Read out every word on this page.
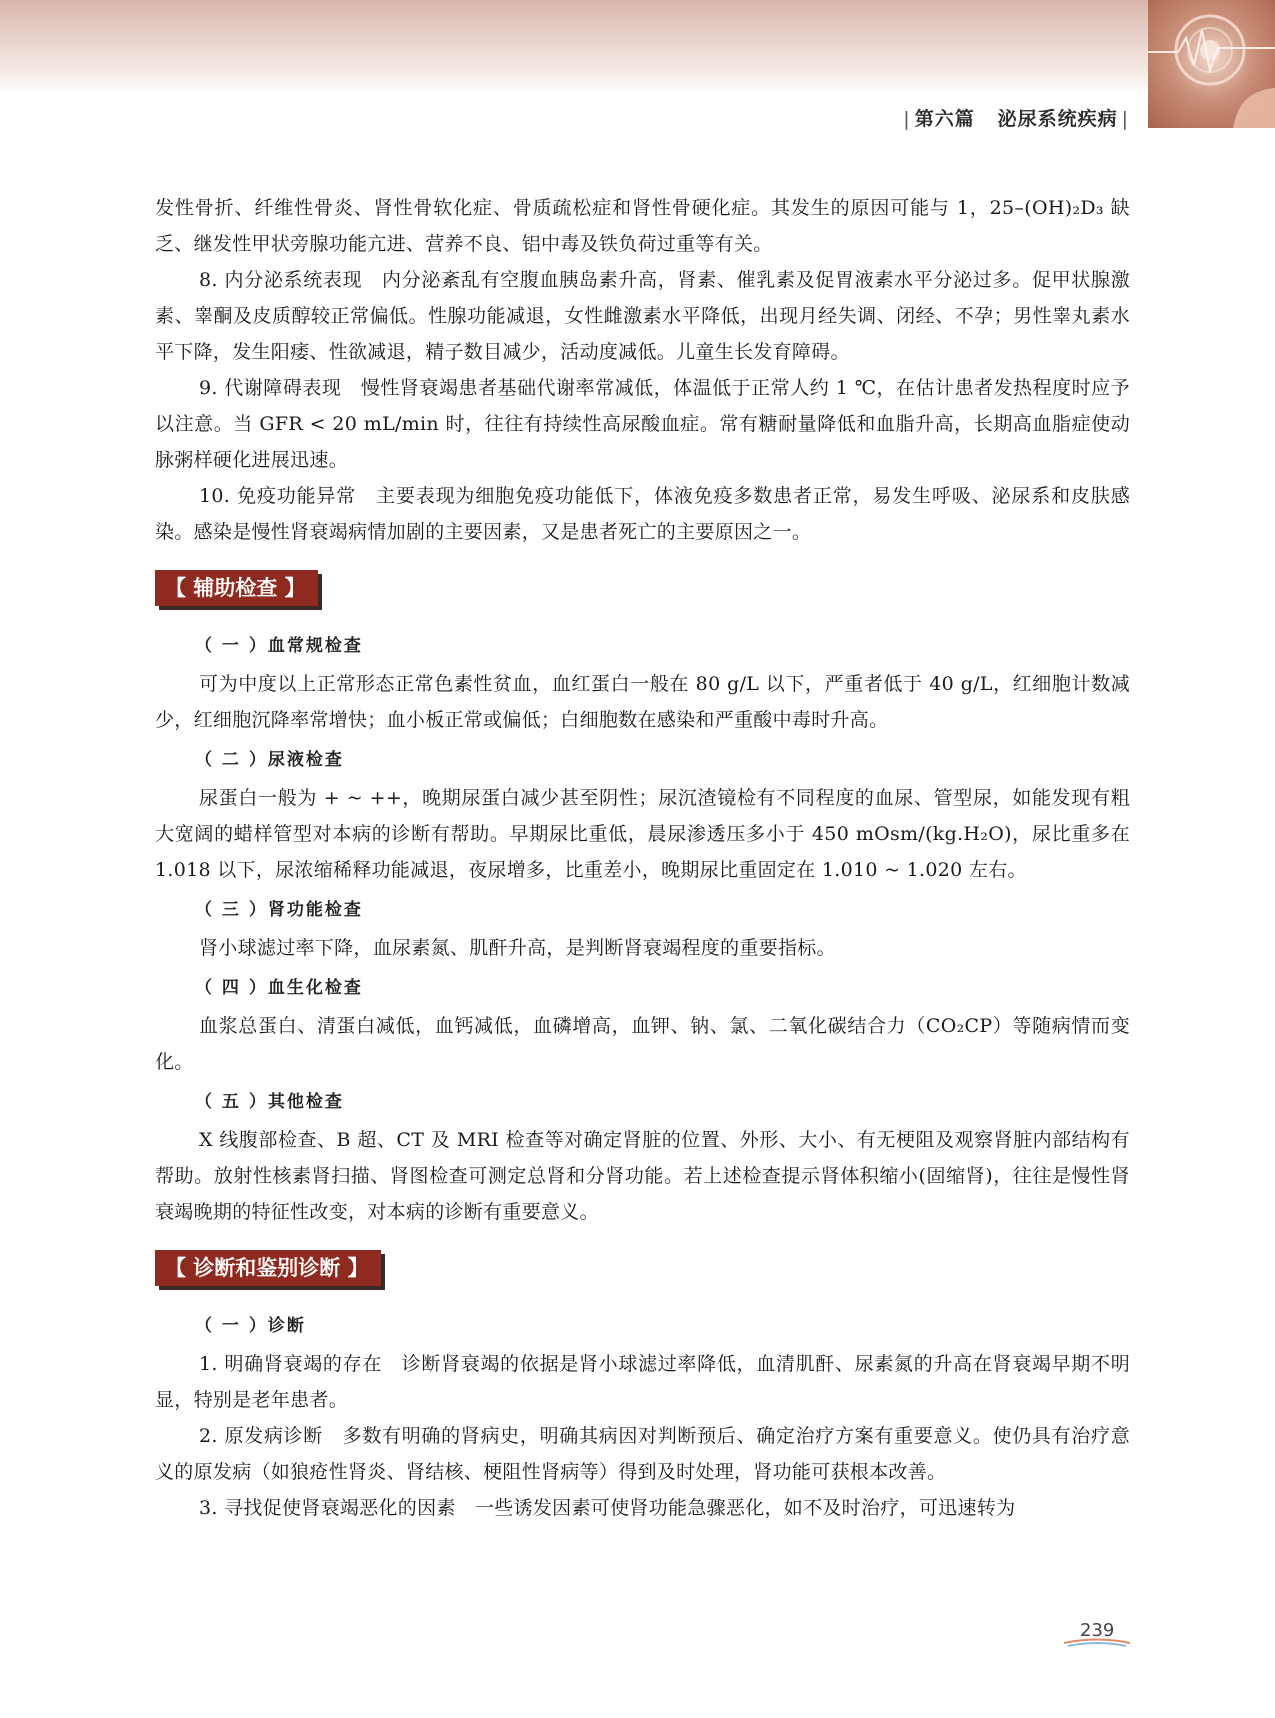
| 第六篇 泌尿系统疾病 |

发性骨折、纤维性骨炎、肾性骨软化症、骨质疏松症和肾性骨硬化症。其发生的原因可能与 1，25–(OH)₂D₃ 缺乏、继发性甲状旁腺功能亢进、营养不良、铝中毒及铁负荷过重等有关。

8. 内分泌系统表现　内分泌紊乱有空腹血胰岛素升高，肾素、催乳素及促胃液素水平分泌过多。促甲状腺激素、睾酮及皮质醇较正常偏低。性腺功能减退，女性雌激素水平降低，出现月经失调、闭经、不孕；男性睾丸素水平下降，发生阳痿、性欲减退，精子数目减少，活动度减低。儿童生长发育障碍。

9. 代谢障碍表现　慢性肾衰竭患者基础代谢率常减低，体温低于正常人约 1 ℃，在估计患者发热程度时应予以注意。当 GFR < 20 mL/min 时，往往有持续性高尿酸血症。常有糖耐量降低和血脂升高，长期高血脂症使动脉粥样硬化进展迅速。

10. 免疫功能异常　主要表现为细胞免疫功能低下，体液免疫多数患者正常，易发生呼吸、泌尿系和皮肤感染。感染是慢性肾衰竭病情加剧的主要因素，又是患者死亡的主要原因之一。

【 辅助检查 】
（ 一 ）血常规检查

可为中度以上正常形态正常色素性贫血，血红蛋白一般在 80 g/L 以下，严重者低于 40 g/L，红细胞计数减少，红细胞沉降率常增快；血小板正常或偏低；白细胞数在感染和严重酸中毒时升高。

（ 二 ）尿液检查

尿蛋白一般为 + ~ ++，晚期尿蛋白减少甚至阴性；尿沉渣镜检有不同程度的血尿、管型尿，如能发现有粗大宽阔的蜡样管型对本病的诊断有帮助。早期尿比重低，晨尿渗透压多小于 450 mOsm/(kg.H₂O)，尿比重多在 1.018 以下，尿浓缩稀释功能减退，夜尿增多，比重差小，晚期尿比重固定在 1.010 ~ 1.020 左右。

（ 三 ）肾功能检查

肾小球滤过率下降，血尿素氮、肌酐升高，是判断肾衰竭程度的重要指标。

（ 四 ）血生化检查

血浆总蛋白、清蛋白减低，血钙减低，血磷增高，血钾、钠、氯、二氧化碳结合力（CO₂CP）等随病情而变化。

（ 五 ）其他检查

X 线腹部检查、B 超、CT 及 MRI 检查等对确定肾脏的位置、外形、大小、有无梗阻及观察肾脏内部结构有帮助。放射性核素肾扫描、肾图检查可测定总肾和分肾功能。若上述检查提示肾体积缩小(固缩肾)，往往是慢性肾衰竭晚期的特征性改变，对本病的诊断有重要意义。

【 诊断和鉴别诊断 】
（ 一 ）诊断

1. 明确肾衰竭的存在　诊断肾衰竭的依据是肾小球滤过率降低，血清肌酐、尿素氮的升高在肾衰竭早期不明显，特别是老年患者。

2. 原发病诊断　多数有明确的肾病史，明确其病因对判断预后、确定治疗方案有重要意义。使仍具有治疗意义的原发病（如狼疮性肾炎、肾结核、梗阻性肾病等）得到及时处理，肾功能可获根本改善。

3. 寻找促使肾衰竭恶化的因素　一些诱发因素可使肾功能急骤恶化，如不及时治疗，可迅速转为

239
